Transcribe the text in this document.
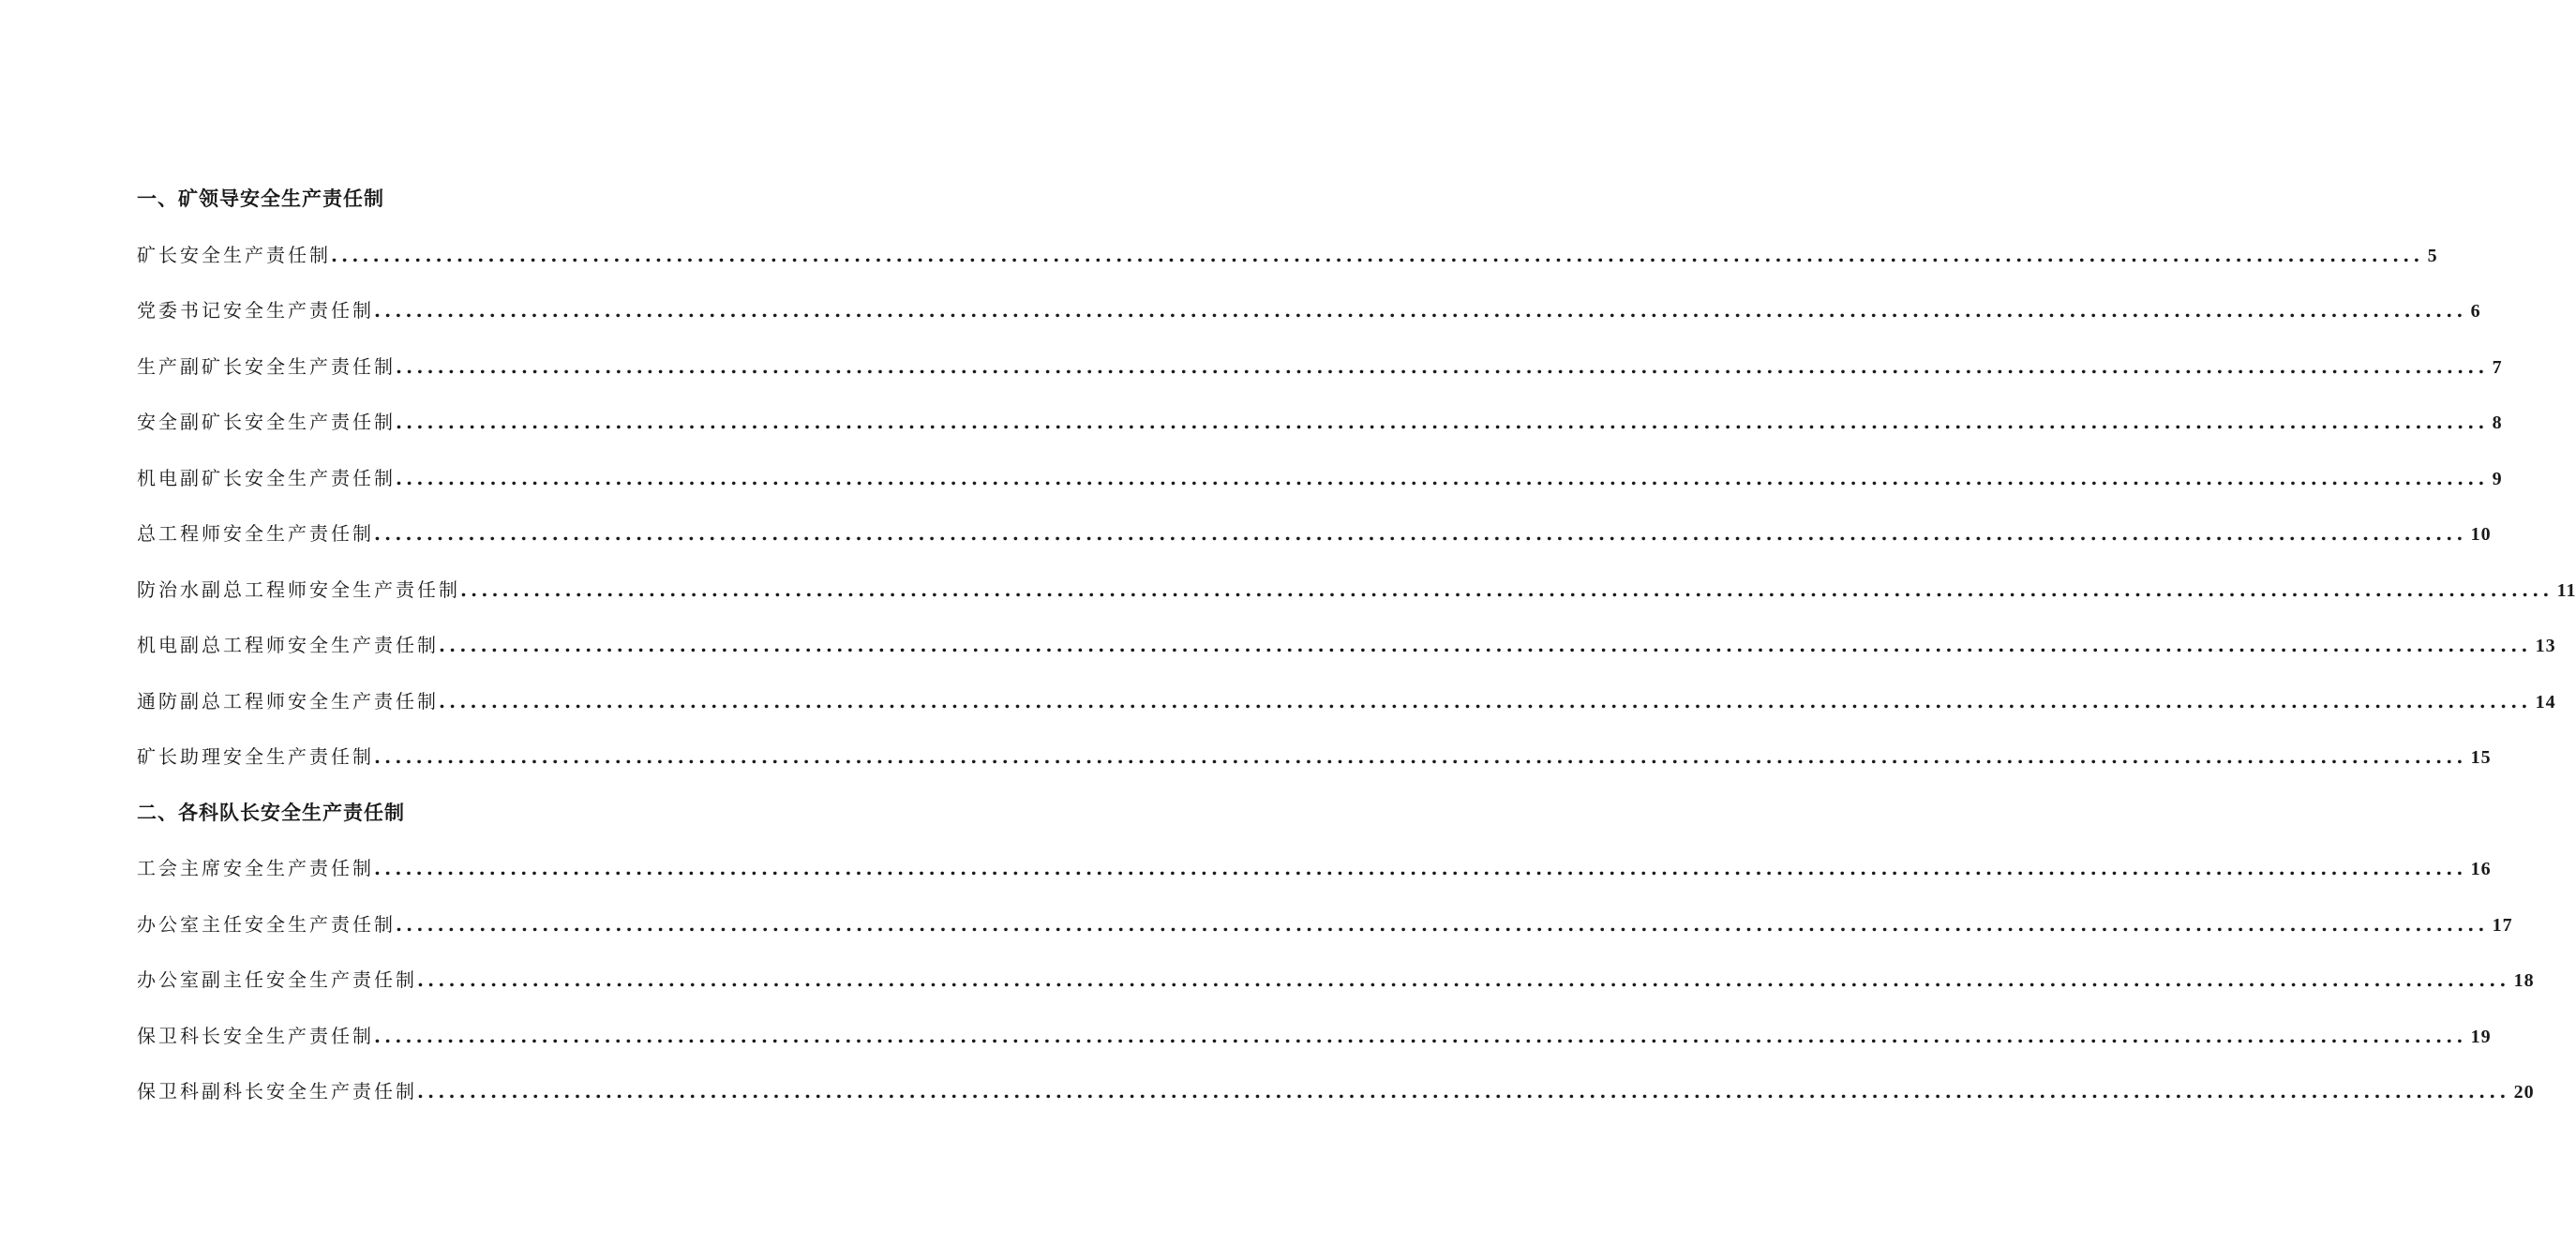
一、矿领导安全生产责任制
矿长安全生产责任制 ........................................................................................................................................................................................................ 5
党委书记安全生产责任制 ........................................................................................................................................................................................................ 6
生产副矿长安全生产责任制 ........................................................................................................................................................................................................ 7
安全副矿长安全生产责任制 ........................................................................................................................................................................................................ 8
机电副矿长安全生产责任制 ........................................................................................................................................................................................................ 9
总工程师安全生产责任制 ........................................................................................................................................................................................................ 10
防治水副总工程师安全生产责任制 ........................................................................................................................................................................................................ 11
机电副总工程师安全生产责任制 ........................................................................................................................................................................................................ 13
通防副总工程师安全生产责任制 ........................................................................................................................................................................................................ 14
矿长助理安全生产责任制 ........................................................................................................................................................................................................ 15
二、各科队长安全生产责任制
工会主席安全生产责任制 ........................................................................................................................................................................................................ 16
办公室主任安全生产责任制 ........................................................................................................................................................................................................ 17
办公室副主任安全生产责任制 ........................................................................................................................................................................................................ 18
保卫科长安全生产责任制 ........................................................................................................................................................................................................ 19
保卫科副科长安全生产责任制 ........................................................................................................................................................................................................ 20
